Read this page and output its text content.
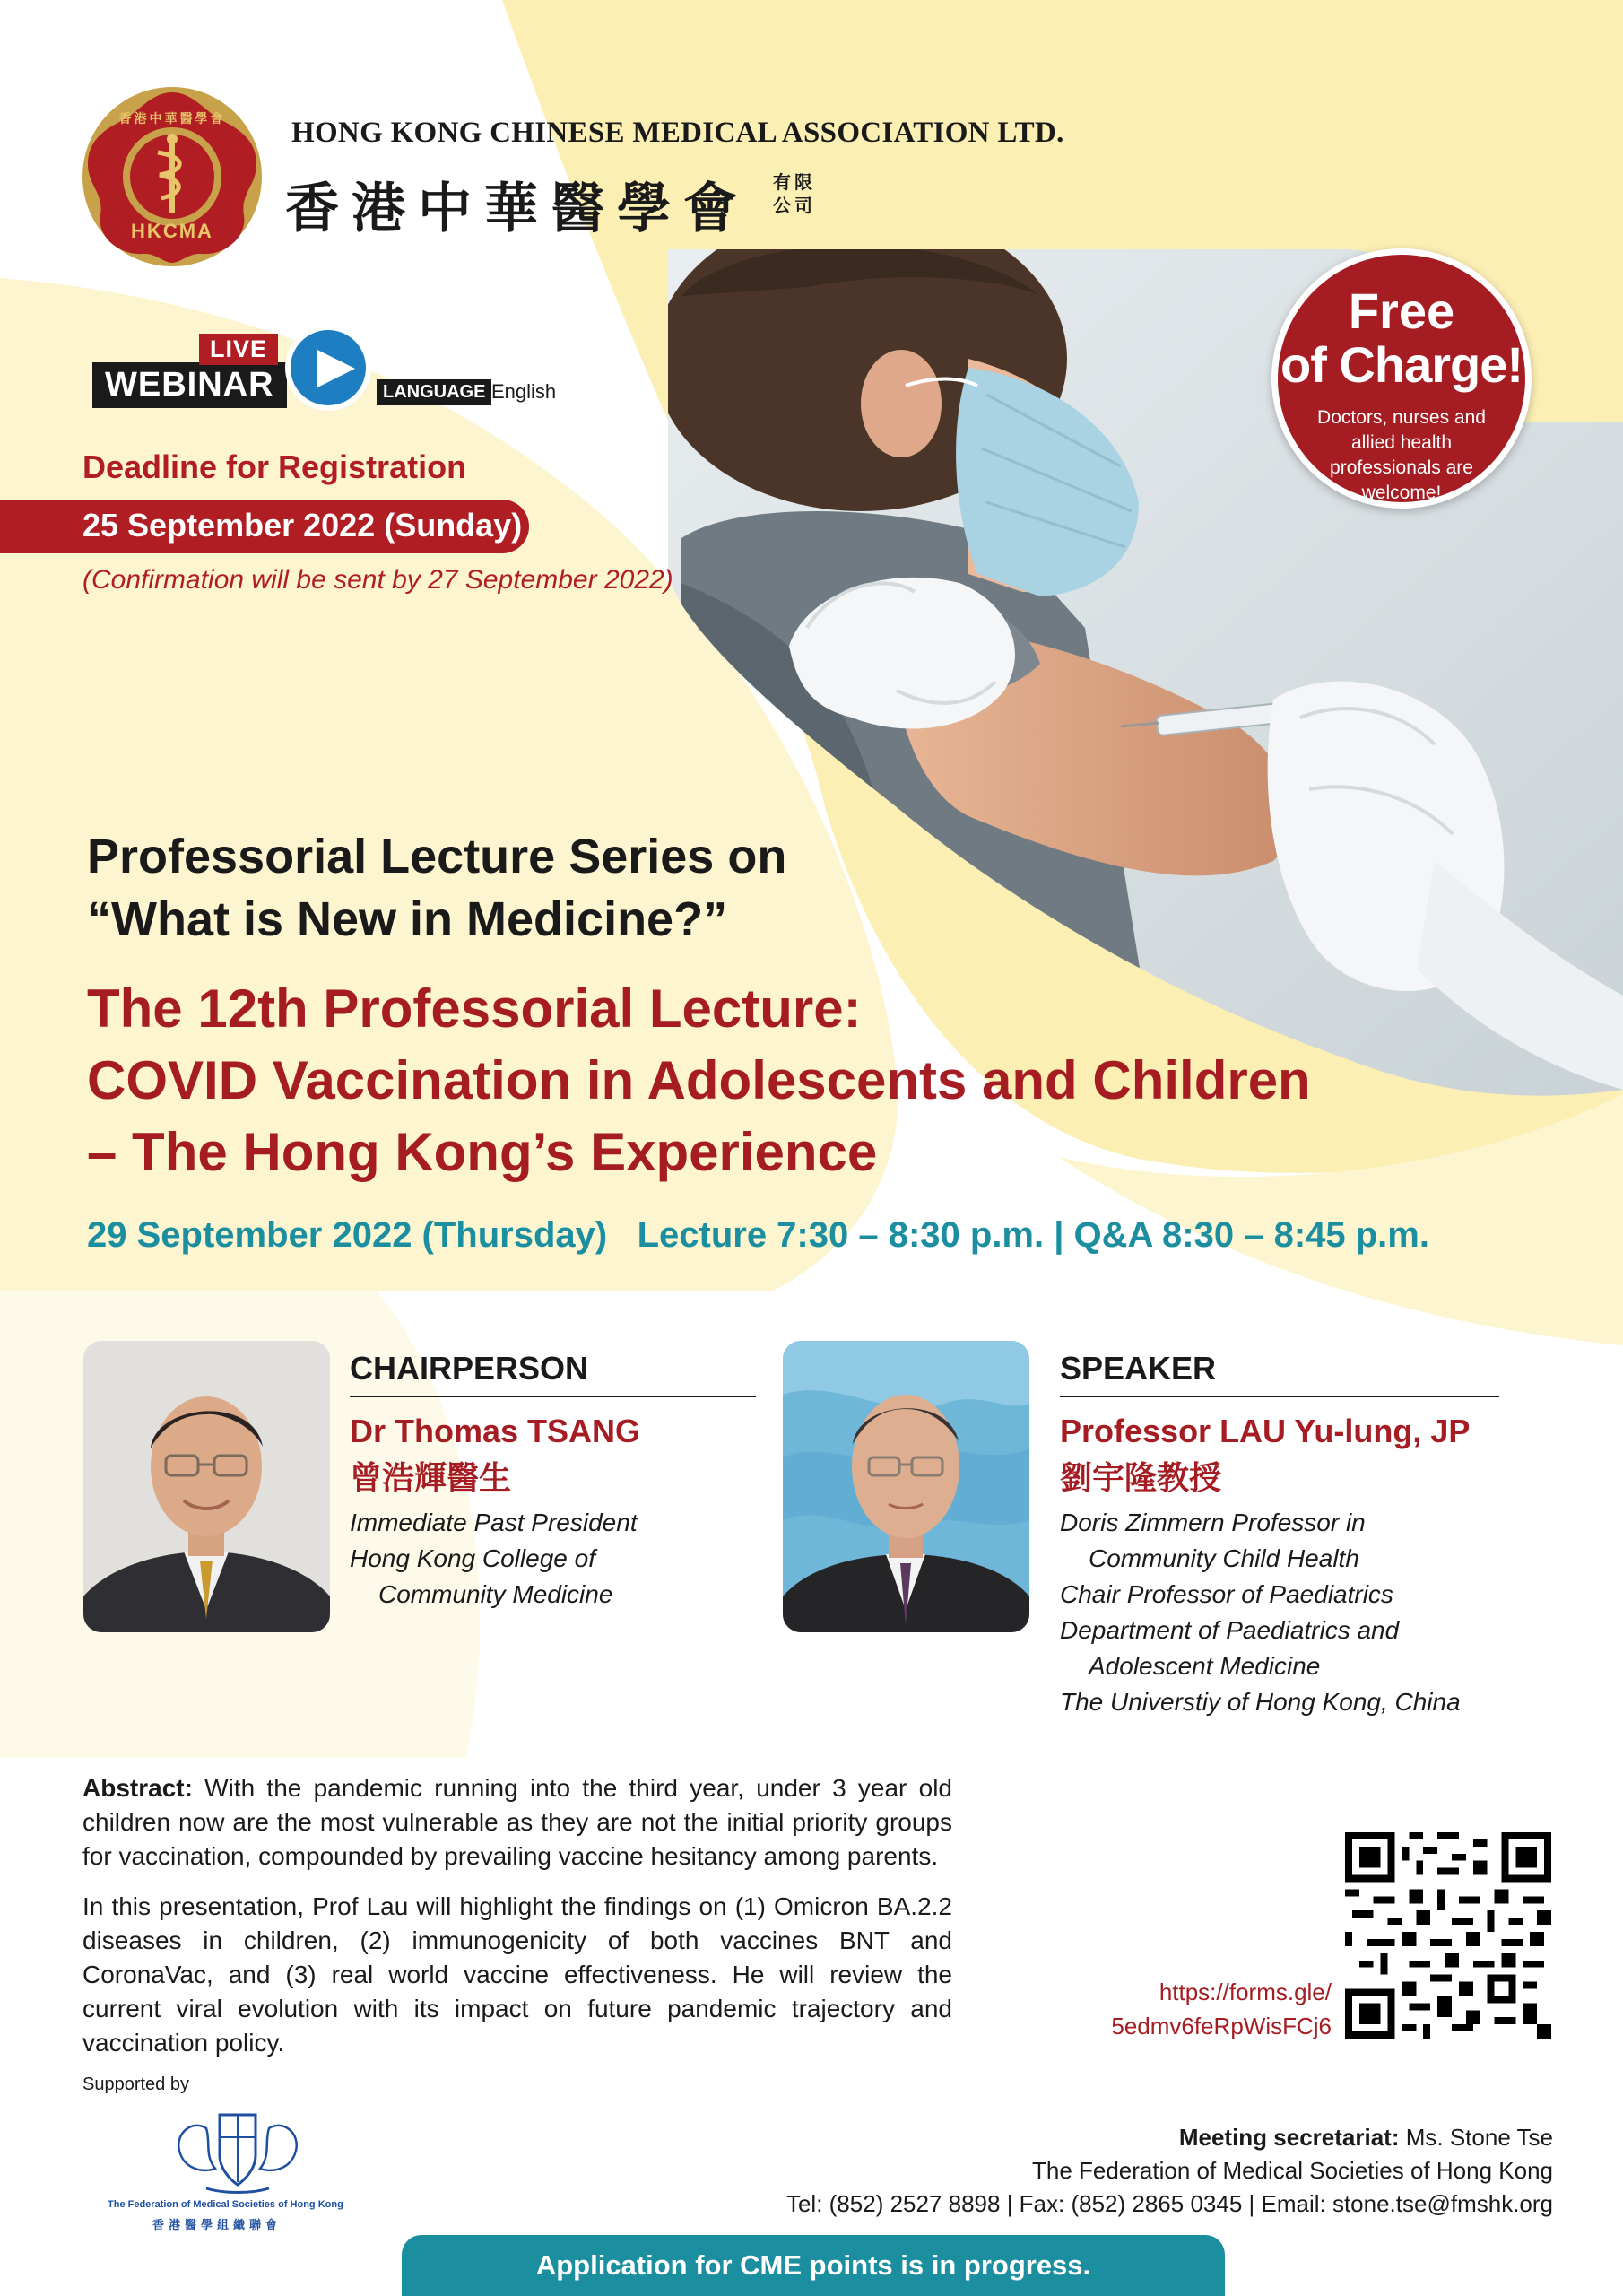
HKCMA
香港中華醫學會 HONG KONG CHINESE MEDICAL ASSOCIATION LTD.
香港中華醫學會 有限公司
WEBINAR
LIVE
LANGUAGE English
Deadline for Registration
25 September 2022 (Sunday)
(Confirmation will be sent by 27 September 2022)
Free
of Charge!
Doctors, nurses and allied health professionals are welcome!
Professorial Lecture Series on
“What is New in Medicine?”
The 12th Professorial Lecture:
COVID Vaccination in Adolescents and Children
– The Hong Kong’s Experience
29 September 2022 (Thursday)   Lecture 7:30 – 8:30 p.m. | Q&A 8:30 – 8:45 p.m.
CHAIRPERSON
Dr Thomas TSANG
曾浩輝醫生
Immediate Past President
Hong Kong College of
Community Medicine
SPEAKER
Professor LAU Yu-lung, JP
劉宇隆教授
Doris Zimmern Professor in
Community Child Health
Chair Professor of Paediatrics
Department of Paediatrics and
Adolescent Medicine
The Universtiy of Hong Kong, China

Abstract: With the pandemic running into the third year, under 3 year old children now are the most vulnerable as they are not the initial priority groups for vaccination, compounded by prevailing vaccine hesitancy among parents.

In this presentation, Prof Lau will highlight the findings on (1) Omicron BA.2.2 diseases in children, (2) immunogenicity of both vaccines BNT and CoronaVac, and (3) real world vaccine effectiveness. He will review the current viral evolution with its impact on future pandemic trajectory and vaccination policy.

https://forms.gle/
5edmv6feRpWisFCj6
Supported by
The Federation of Medical Societies of Hong Kong
香港醫學組織聯會
Meeting secretariat: Ms. Stone Tse
The Federation of Medical Societies of Hong Kong
Tel: (852) 2527 8898 | Fax: (852) 2865 0345 | Email: stone.tse@fmshk.org
Application for CME points is in progress.
